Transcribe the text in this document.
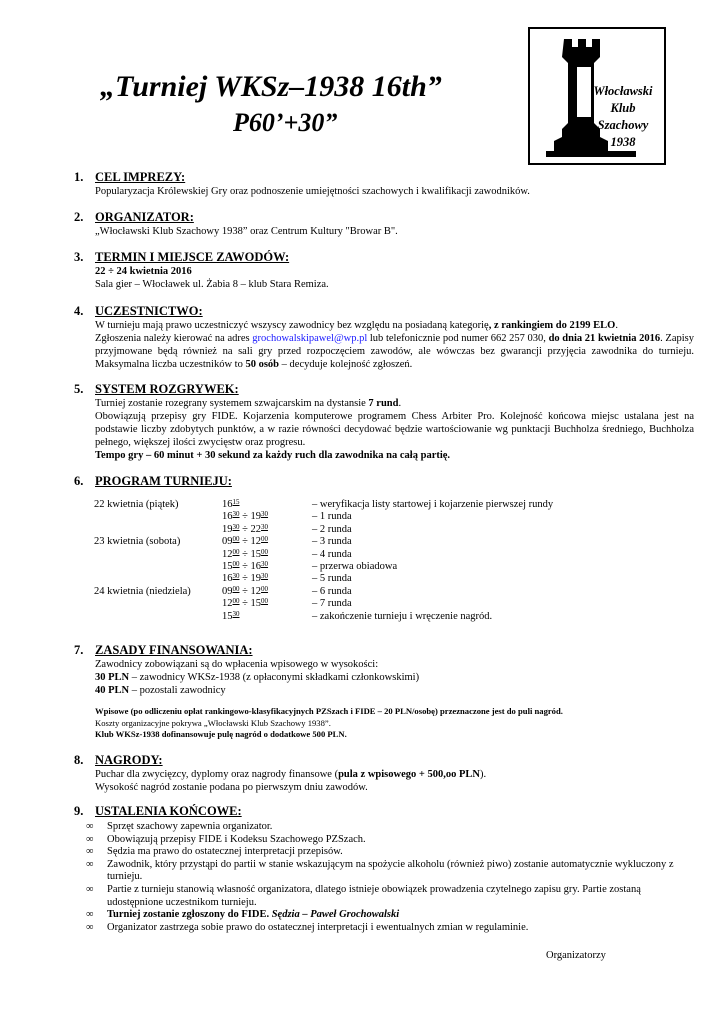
„Turniej WKSz–1938 16th”
P60’+30”
Włocławski
Klub
Szachowy
1938
1. CEL IMPREZY:
Popularyzacja Królewskiej Gry oraz podnoszenie umiejętności szachowych i kwalifikacji zawodników.
2. ORGANIZATOR:
„Włocławski Klub Szachowy 1938” oraz Centrum Kultury "Browar B".
3. TERMIN I MIEJSCE ZAWODÓW:
22 ÷ 24 kwietnia 2016
Sala gier – Włocławek ul. Żabia 8 – klub Stara Remiza.
4. UCZESTNICTWO:
W turnieju mają prawo uczestniczyć wszyscy zawodnicy bez względu na posiadaną kategorię, z rankingiem do 2199 ELO.
Zgłoszenia należy kierować na adres grochowalskipawel@wp.pl lub telefonicznie pod numer 662 257 030, do dnia 21 kwietnia 2016. Zapisy przyjmowane będą również na sali gry przed rozpoczęciem zawodów, ale wówczas bez gwarancji przyjęcia zawodnika do turnieju. Maksymalna liczba uczestników to 50 osób – decyduje kolejność zgłoszeń.
5. SYSTEM ROZGRYWEK:
Turniej zostanie rozegrany systemem szwajcarskim na dystansie 7 rund.
Obowiązują przepisy gry FIDE. Kojarzenia komputerowe programem Chess Arbiter Pro. Kolejność końcowa miejsc ustalana jest na podstawie liczby zdobytych punktów, a w razie równości decydować będzie wartościowanie wg punktacji Buchholza średniego, Buchholza pełnego, większej ilości zwycięstw oraz progresu.
Tempo gry – 60 minut + 30 sekund za każdy ruch dla zawodnika na całą partię.
6. PROGRAM TURNIEJU:
22 kwietnia (piątek)	$16^{15}$	– weryfikacja listy startowej i kojarzenie pierwszej rundy
$16^{30} \div 19^{30}$	– 1 runda
$19^{30} \div 22^{30}$	– 2 runda
23 kwietnia (sobota)	$09^{00} \div 12^{00}$	– 3 runda
$12^{00} \div 15^{00}$	– 4 runda
$15^{00} \div 16^{30}$	– przerwa obiadowa
$16^{30} \div 19^{30}$	– 5 runda
24 kwietnia (niedziela)	$09^{00} \div 12^{00}$	– 6 runda
$12^{00} \div 15^{00}$	– 7 runda
$15^{30}$	– zakończenie turnieju i wręczenie nagród.
7. ZASADY FINANSOWANIA:
Zawodnicy zobowiązani są do wpłacenia wpisowego w wysokości:
30 PLN – zawodnicy WKSz-1938 (z opłaconymi składkami członkowskimi)
40 PLN – pozostali zawodnicy
Wpisowe (po odliczeniu opłat rankingowo-klasyfikacyjnych PZSzach i FIDE – 20 PLN/osobę) przeznaczone jest do puli nagród.
Koszty organizacyjne pokrywa „Włocławski Klub Szachowy 1938”.
Klub WKSz-1938 dofinansowuje pulę nagród o dodatkowe 500 PLN.
8. NAGRODY:
Puchar dla zwycięzcy, dyplomy oraz nagrody finansowe (pula z wpisowego + 500,oo PLN).
Wysokość nagród zostanie podana po pierwszym dniu zawodów.
9. USTALENIA KOŃCOWE:
∞ Sprzęt szachowy zapewnia organizator.
∞ Obowiązują przepisy FIDE i Kodeksu Szachowego PZSzach.
∞ Sędzia ma prawo do ostatecznej interpretacji przepisów.
∞ Zawodnik, który przystąpi do partii w stanie wskazującym na spożycie alkoholu (również piwo) zostanie automatycznie wykluczony z turnieju.
∞ Partie z turnieju stanowią własność organizatora, dlatego istnieje obowiązek prowadzenia czytelnego zapisu gry. Partie zostaną udostępnione uczestnikom turnieju.
∞ Turniej zostanie zgłoszony do FIDE. Sędzia – Paweł Grochowalski
∞ Organizator zastrzega sobie prawo do ostatecznej interpretacji i ewentualnych zmian w regulaminie.
Organizatorzy
